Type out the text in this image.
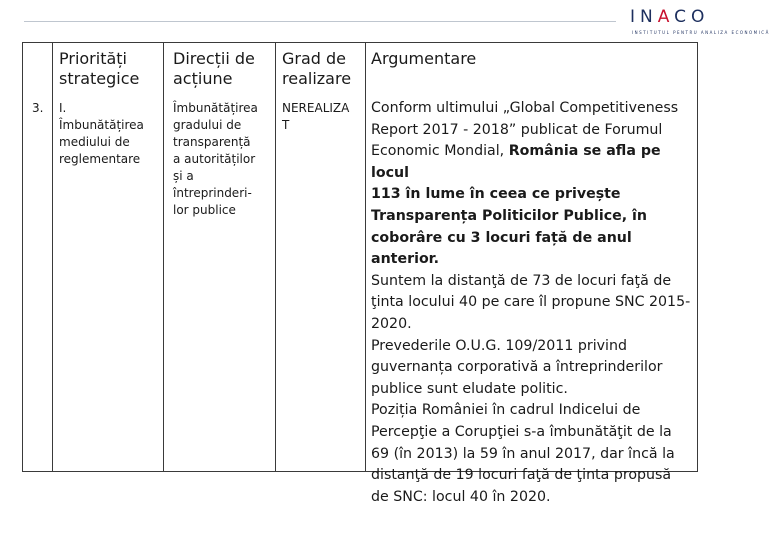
INACO
INSTITUTUL PENTRU ANALIZA ECONOMICĂ
Priorități strategice
Direcții de acțiune
Grad de realizare
Argumentare
3. I.
Îmbunătățirea
mediului de
reglementare
Îmbunătățirea
gradului de
transparență
a autorităților
și a
întreprinderi-
lor publice
NEREALIZA
T
Conform ultimului „Global Competitiveness
Report 2017 - 2018” publicat de Forumul
Economic Mondial, România se afla pe locul
113 în lume în ceea ce privește
Transparența Politicilor Publice, în
coborâre cu 3 locuri față de anul anterior.
Suntem la distanţă de 73 de locuri faţă de
ţinta locului 40 pe care îl propune SNC 2015-
2020.
Prevederile O.U.G. 109/2011 privind
guvernanța corporativă a întreprinderilor
publice sunt eludate politic.
Poziția României în cadrul Indicelui de
Percepţie a Corupţiei s-a îmbunătăţit de la
69 (în 2013) la 59 în anul 2017, dar încă la
distanţă de 19 locuri faţă de ţinta propusă
de SNC: locul 40 în 2020.
